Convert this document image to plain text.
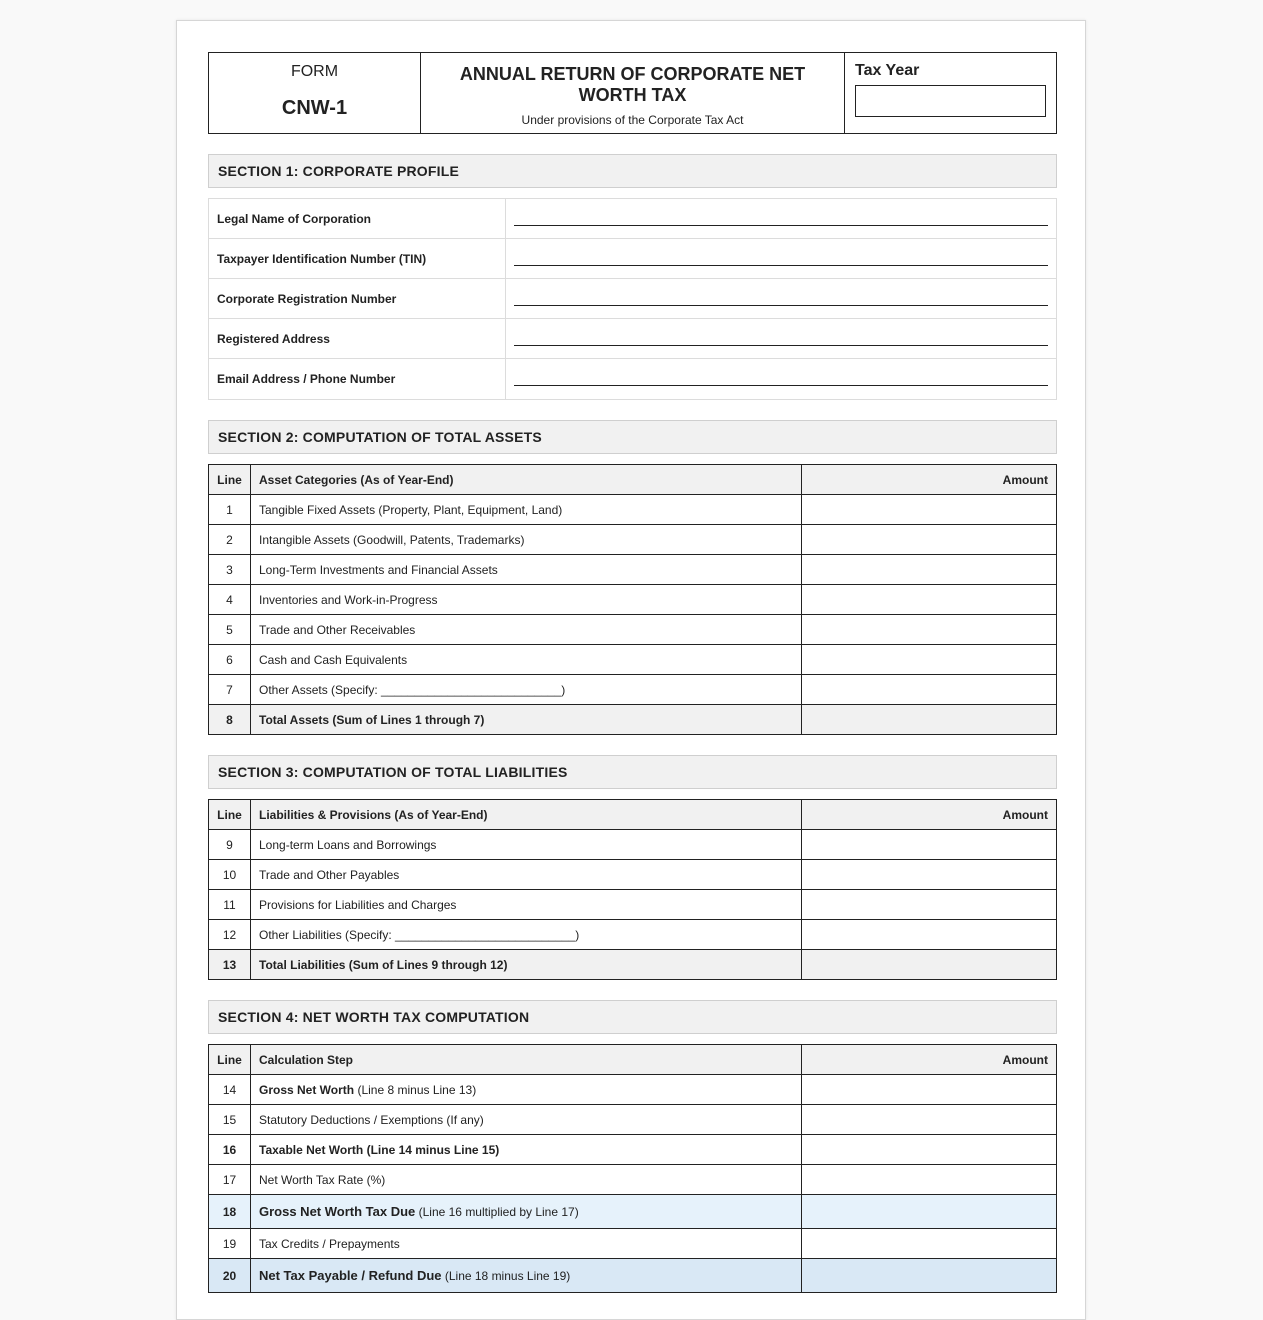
FORM
CNW-1
ANNUAL RETURN OF CORPORATE NET WORTH TAX
Under provisions of the Corporate Tax Act
Tax Year
SECTION 1: CORPORATE PROFILE
Legal Name of Corporation
Taxpayer Identification Number (TIN)
Corporate Registration Number
Registered Address
Email Address / Phone Number
SECTION 2: COMPUTATION OF TOTAL ASSETS
Line	Asset Categories (As of Year-End)	Amount
1	Tangible Fixed Assets (Property, Plant, Equipment, Land)	
2	Intangible Assets (Goodwill, Patents, Trademarks)	
3	Long-Term Investments and Financial Assets	
4	Inventories and Work-in-Progress	
5	Trade and Other Receivables	
6	Cash and Cash Equivalents	
7	Other Assets (Specify: ___________________________)	
8	Total Assets (Sum of Lines 1 through 7)	
SECTION 3: COMPUTATION OF TOTAL LIABILITIES
Line	Liabilities & Provisions (As of Year-End)	Amount
9	Long-term Loans and Borrowings	
10	Trade and Other Payables	
11	Provisions for Liabilities and Charges	
12	Other Liabilities (Specify: ___________________________)	
13	Total Liabilities (Sum of Lines 9 through 12)	
SECTION 4: NET WORTH TAX COMPUTATION
Line	Calculation Step	Amount
14	Gross Net Worth (Line 8 minus Line 13)	
15	Statutory Deductions / Exemptions (If any)	
16	Taxable Net Worth (Line 14 minus Line 15)	
17	Net Worth Tax Rate (%)	
18	Gross Net Worth Tax Due (Line 16 multiplied by Line 17)	
19	Tax Credits / Prepayments	
20	Net Tax Payable / Refund Due (Line 18 minus Line 19)	
